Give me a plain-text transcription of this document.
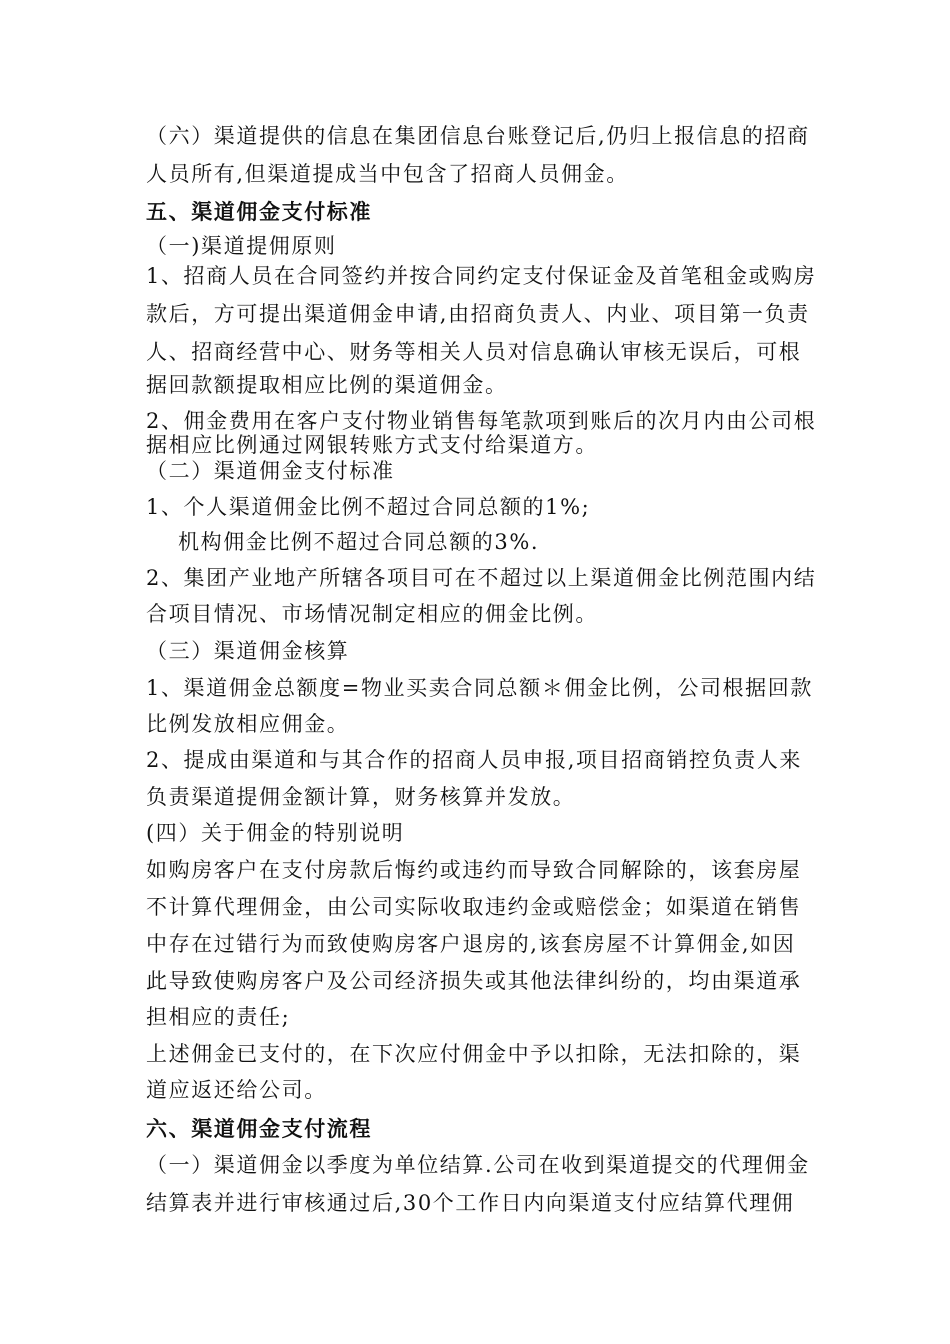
（六）渠道提供的信息在集团信息台账登记后,仍归上报信息的招商
人员所有,但渠道提成当中包含了招商人员佣金。
五、渠道佣金支付标准
（一)渠道提佣原则
1、招商人员在合同签约并按合同约定支付保证金及首笔租金或购房
款后，方可提出渠道佣金申请,由招商负责人、内业、项目第一负责
人、招商经营中心、财务等相关人员对信息确认审核无误后，可根
据回款额提取相应比例的渠道佣金。
2、佣金费用在客户支付物业销售每笔款项到账后的次月内由公司根
据相应比例通过网银转账方式支付给渠道方。
（二）渠道佣金支付标准
1、个人渠道佣金比例不超过合同总额的1%;
机构佣金比例不超过合同总额的3%.
2、集团产业地产所辖各项目可在不超过以上渠道佣金比例范围内结
合项目情况、市场情况制定相应的佣金比例。
（三）渠道佣金核算
1、渠道佣金总额度=物业买卖合同总额＊佣金比例，公司根据回款
比例发放相应佣金。
2、提成由渠道和与其合作的招商人员申报,项目招商销控负责人来
负责渠道提佣金额计算，财务核算并发放。
(四）关于佣金的特别说明
如购房客户在支付房款后悔约或违约而导致合同解除的，该套房屋
不计算代理佣金，由公司实际收取违约金或赔偿金；如渠道在销售
中存在过错行为而致使购房客户退房的,该套房屋不计算佣金,如因
此导致使购房客户及公司经济损失或其他法律纠纷的，均由渠道承
担相应的责任;
上述佣金已支付的，在下次应付佣金中予以扣除，无法扣除的，渠
道应返还给公司。
六、渠道佣金支付流程
（一）渠道佣金以季度为单位结算.公司在收到渠道提交的代理佣金
结算表并进行审核通过后,30个工作日内向渠道支付应结算代理佣
